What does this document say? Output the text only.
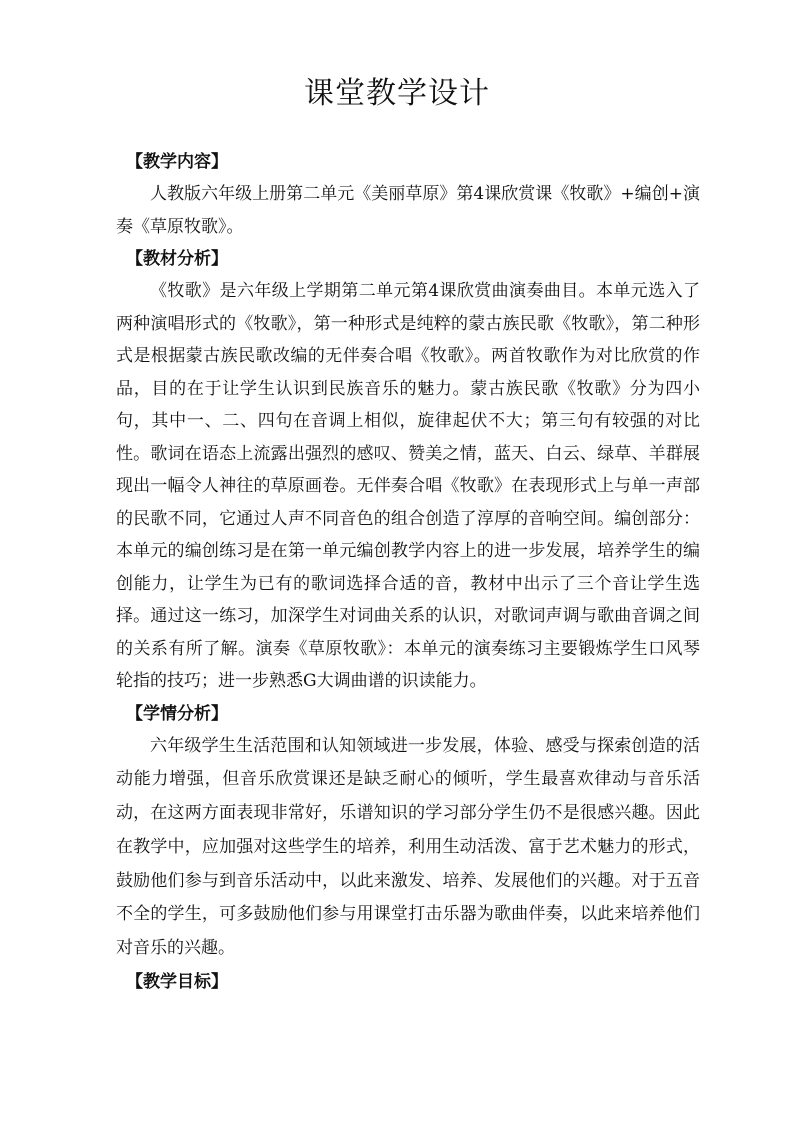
课堂教学设计
【教学内容】

人教版六年级上册第二单元《美丽草原》第4课欣赏课《牧歌》+编创+演奏《草原牧歌》。

【教材分析】

《牧歌》是六年级上学期第二单元第4课欣赏曲演奏曲目。本单元选入了两种演唱形式的《牧歌》，第一种形式是纯粹的蒙古族民歌《牧歌》，第二种形式是根据蒙古族民歌改编的无伴奏合唱《牧歌》。两首牧歌作为对比欣赏的作品，目的在于让学生认识到民族音乐的魅力。蒙古族民歌《牧歌》分为四小句，其中一、二、四句在音调上相似，旋律起伏不大；第三句有较强的对比性。歌词在语态上流露出强烈的感叹、赞美之情，蓝天、白云、绿草、羊群展现出一幅令人神往的草原画卷。无伴奏合唱《牧歌》在表现形式上与单一声部的民歌不同，它通过人声不同音色的组合创造了淳厚的音响空间。编创部分：本单元的编创练习是在第一单元编创教学内容上的进一步发展，培养学生的编创能力，让学生为已有的歌词选择合适的音，教材中出示了三个音让学生选择。通过这一练习，加深学生对词曲关系的认识，对歌词声调与歌曲音调之间的关系有所了解。演奏《草原牧歌》：本单元的演奏练习主要锻炼学生口风琴轮指的技巧；进一步熟悉G大调曲谱的识读能力。

【学情分析】

六年级学生生活范围和认知领域进一步发展，体验、感受与探索创造的活动能力增强，但音乐欣赏课还是缺乏耐心的倾听，学生最喜欢律动与音乐活动，在这两方面表现非常好，乐谱知识的学习部分学生仍不是很感兴趣。因此在教学中，应加强对这些学生的培养，利用生动活泼、富于艺术魅力的形式，鼓励他们参与到音乐活动中，以此来激发、培养、发展他们的兴趣。对于五音不全的学生，可多鼓励他们参与用课堂打击乐器为歌曲伴奏，以此来培养他们对音乐的兴趣。

【教学目标】
